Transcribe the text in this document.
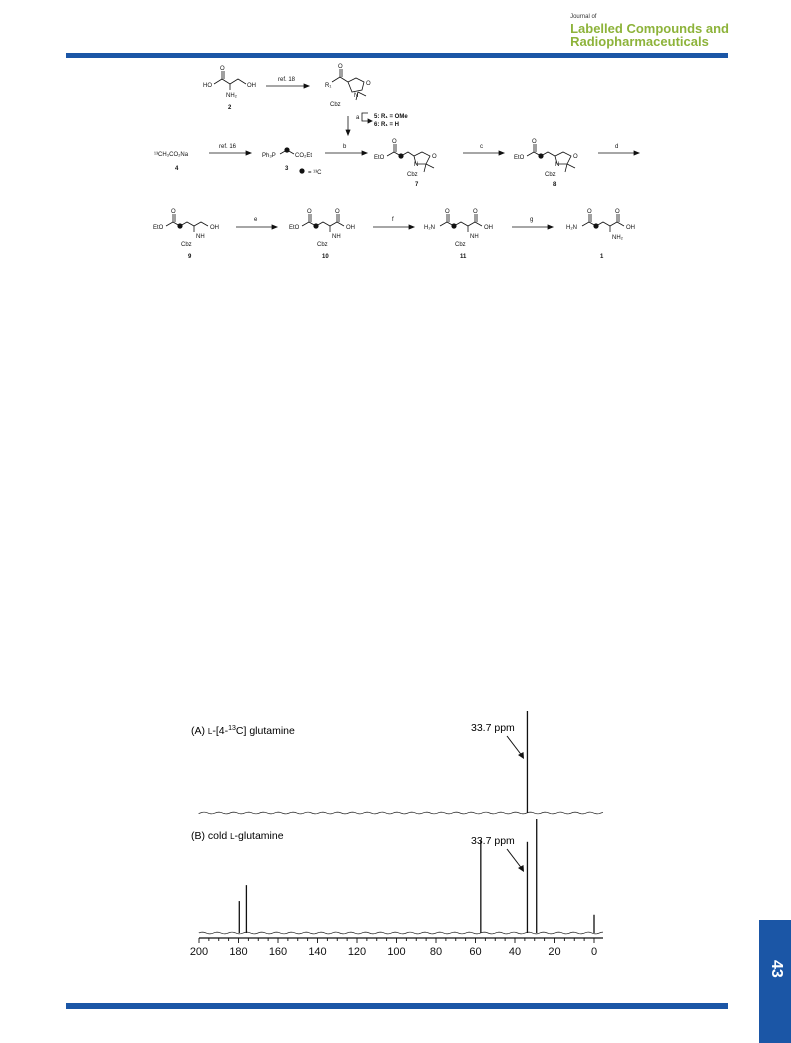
Journal of
Labelled Compounds and
Radiopharmaceuticals
HO	OH
NH₂
2
ref. 18
R₁
N
O
Cbz
a 5: R₁ = OMe
6: R₁ = H
¹³CH₃CO₂Na
4
ref. 16
Ph₃P	CO₂Et
3
= ¹³C
b
EtO
N
O
Cbz
7
c
EtO
N
O
Cbz
8
d
EtO	OH
NH
Cbz
9
e
EtO	OH
NH
Cbz
10
f
H₂N	OH
NH
Cbz
11
g
H₂N	OH
NH₂
1
O	O
O	O
O	O	O	O	O	O	O
(A) L-[4-$^{13}$C] glutamine	33.7 ppm
(B) cold L-glutamine	33.7 ppm
200 180 160 140 120 100 80 60 40 20	0
43
